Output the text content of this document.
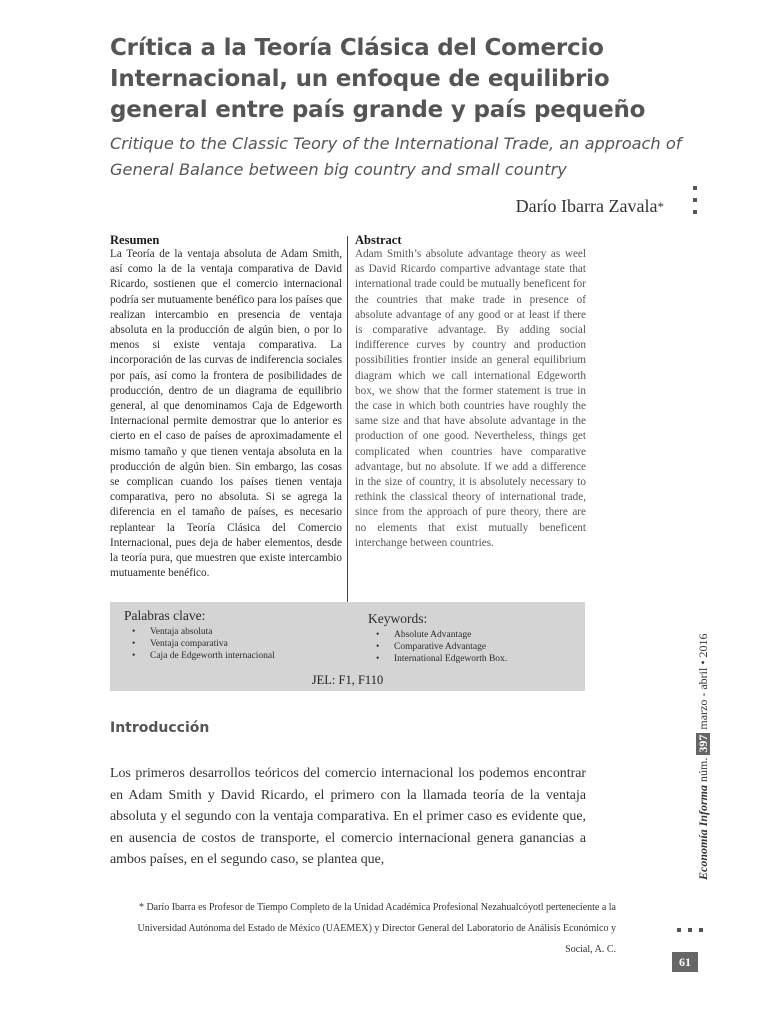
Crítica a la Teoría Clásica del Comercio Internacional, un enfoque de equilibrio general entre país grande y país pequeño

Critique to the Classic Teory of the International Trade, an approach of General Balance between big country and small country

Darío Ibarra Zavala*
Resumen
La Teoría de la ventaja absoluta de Adam Smith, así como la de la ventaja comparativa de David Ricardo, sostienen que el comercio internacional podría ser mutuamente benéfico para los países que realizan intercambio en presencia de ventaja absoluta en la producción de algún bien, o por lo menos si existe ventaja comparativa. La incorporación de las curvas de indiferencia sociales por país, así como la frontera de posibilidades de producción, dentro de un diagrama de equilibrio general, al que denominamos Caja de Edgeworth Internacional permite demostrar que lo anterior es cierto en el caso de países de aproximadamente el mismo tamaño y que tienen ventaja absoluta en la producción de algún bien. Sin embargo, las cosas se complican cuando los países tienen ventaja comparativa, pero no absoluta. Si se agrega la diferencia en el tamaño de países, es necesario replantear la Teoría Clásica del Comercio Internacional, pues deja de haber elementos, desde la teoría pura, que muestren que existe intercambio mutuamente benéfico.
Abstract
Adam Smith’s absolute advantage theory as weel as David Ricardo compartive advantage state that international trade could be mutually beneficent for the countries that make trade in presence of absolute advantage of any good or at least if there is comparative advantage. By adding social indifference curves by country and production possibilities frontier inside an general equilibrium diagram which we call international Edgeworth box, we show that the former statement is true in the case in which both countries have roughly the same size and that have absolute advantage in the production of one good. Nevertheless, things get complicated when countries have comparative advantage, but no absolute. If we add a difference in the size of country, it is absolutely necessary to rethink the classical theory of international trade, since from the approach of pure theory, there are no elements that exist mutually beneficent interchange between countries.
Palabras clave:
• Ventaja absoluta
• Ventaja comparativa
• Caja de Edgeworth internacional
Keywords:
• Absolute Advantage
• Comparative Advantage
• International Edgeworth Box.
JEL: F1, F110
Introducción

Los primeros desarrollos teóricos del comercio internacional los podemos encontrar en Adam Smith y David Ricardo, el primero con la llamada teoría de la ventaja absoluta y el segundo con la ventaja comparativa. En el primer caso es evidente que, en ausencia de costos de transporte, el comercio internacional genera ganancias a ambos países, en el segundo caso, se plantea que,

* Darío Ibarra es Profesor de Tiempo Completo de la Unidad Académica Profesional Nezahualcóyotl perteneciente a la Universidad Autónoma del Estado de México (UAEMEX) y Director General del Laboratorio de Análisis Económico y Social, A. C.

Economía Informa núm. 397 marzo - abril • 2016
61
